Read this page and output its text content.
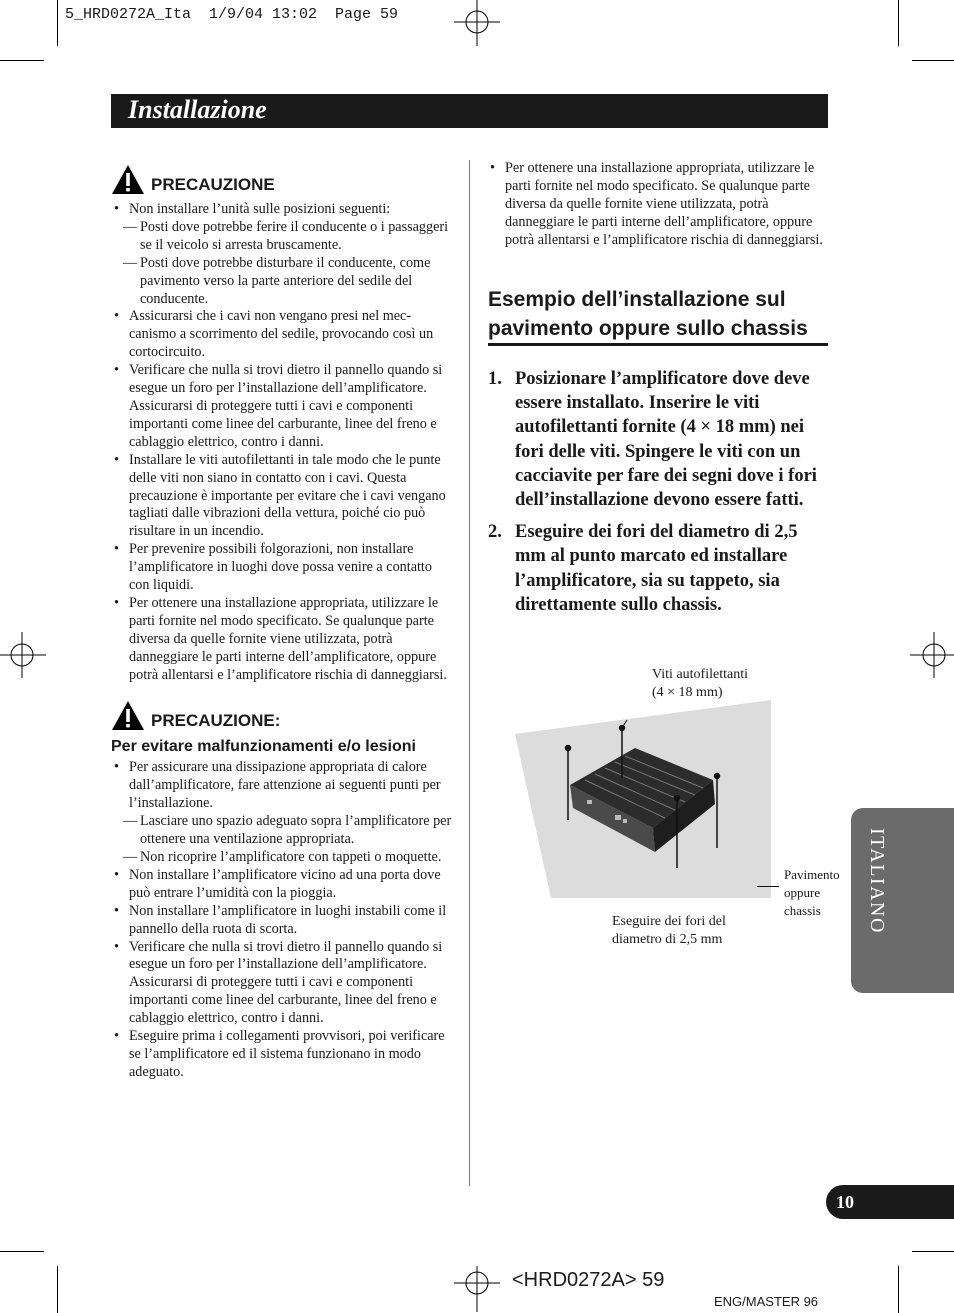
5_HRD0272A_Ita  1/9/04 13:02  Page 59
Installazione
PRECAUZIONE

• Non installare l’unità sulle posizioni seguenti:

— Posti dove potrebbe ferire il conducente o i passaggeri se il veicolo si arresta bruscamente.

— Posti dove potrebbe disturbare il conducente, come pavimento verso la parte anteriore del sedile del conducente.

• Assicurarsi che i cavi non vengano presi nel meccanismo a scorrimento del sedile, provocando così un cortocircuito.

• Verificare che nulla si trovi dietro il pannello quando si esegue un foro per l’installazione dell’amplificatore. Assicurarsi di proteggere tutti i cavi e componenti importanti come linee del carburante, linee del freno e cablaggio elettrico, contro i danni.

• Installare le viti autofilettanti in tale modo che le punte delle viti non siano in contatto con i cavi. Questa precauzione è importante per evitare che i cavi vengano tagliati dalle vibrazioni della vettura, poiché cio può risultare in un incendio.

• Per prevenire possibili folgorazioni, non installare l’amplificatore in luoghi dove possa venire a contatto con liquidi.

• Per ottenere una installazione appropriata, utilizzare le parti fornite nel modo specificato. Se qualunque parte diversa da quelle fornite viene utilizzata, potrà danneggiare le parti interne dell’amplificatore, oppure potrà allentarsi e l’amplificatore rischia di danneggiarsi.

PRECAUZIONE:
Per evitare malfunzionamenti e/o lesioni

• Per assicurare una dissipazione appropriata di calore dall’amplificatore, fare attenzione ai seguenti punti per l’installazione.

— Lasciare uno spazio adeguato sopra l’amplificatore per ottenere una ventilazione appropriata.

— Non ricoprire l’amplificatore con tappeti o moquette.

• Non installare l’amplificatore vicino ad una porta dove può entrare l’umidità con la pioggia.

• Non installare l’amplificatore in luoghi instabili come il pannello della ruota di scorta.

• Verificare che nulla si trovi dietro il pannello quando si esegue un foro per l’installazione dell’amplificatore. Assicurarsi di proteggere tutti i cavi e componenti importanti come linee del carburante, linee del freno e cablaggio elettrico, contro i danni.

• Eseguire prima i collegamenti provvisori, poi verificare se l’amplificatore ed il sistema funzionano in modo adeguato.

• Per ottenere una installazione appropriata, utilizzare le parti fornite nel modo specificato. Se qualunque parte diversa da quelle fornite viene utilizzata, potrà danneggiare le parti interne dell’amplificatore, oppure potrà allentarsi e l’amplificatore rischia di danneggiarsi.

Esempio dell’installazione sul
pavimento oppure sullo chassis
1. Posizionare l’amplificatore dove deve essere installato. Inserire le viti autofilettanti fornite (4 × 18 mm) nei fori delle viti. Spingere le viti con un cacciavite per fare dei segni dove i fori dell’installazione devono essere fatti.
2. Eseguire dei fori del diametro di 2,5 mm al punto marcato ed installare l’amplificatore, sia su tappeto, sia direttamente sullo chassis.
Viti autofilettanti
(4 × 18 mm)
Pavimento
oppure
chassis
Eseguire dei fori del
diametro di 2,5 mm
ITALIANO
10
<HRD0272A> 59
ENG/MASTER 96
